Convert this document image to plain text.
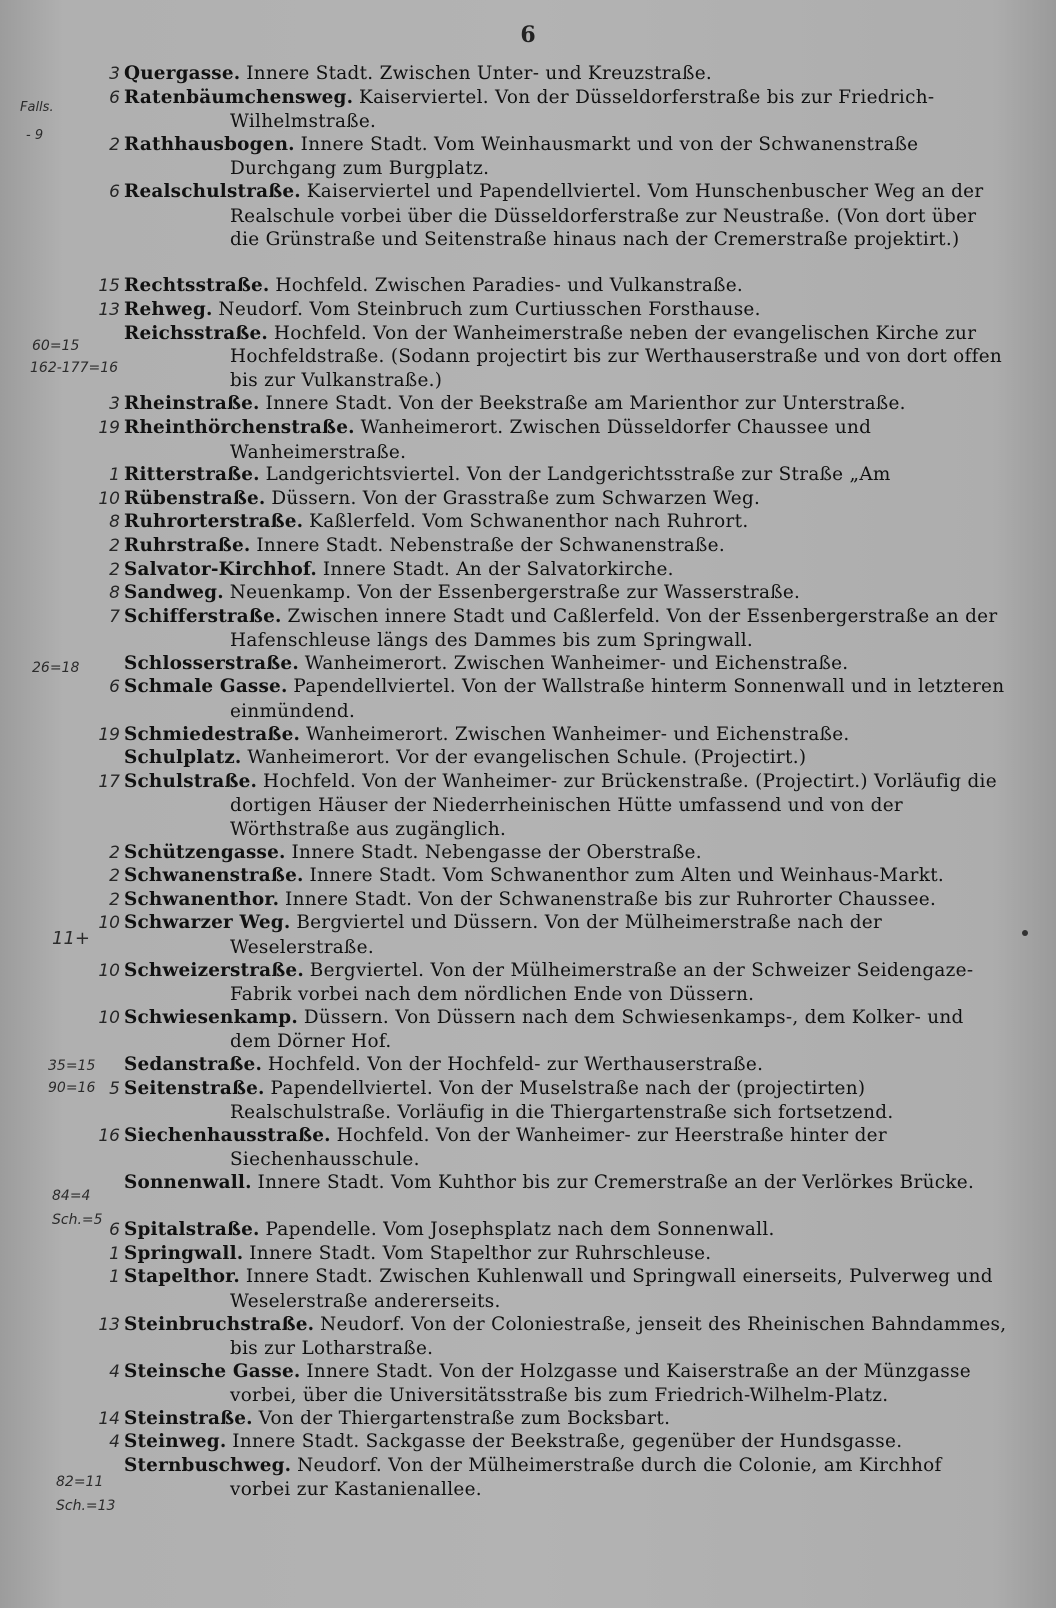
6
3 Quergasse. Innere Stadt. Zwischen Unter- und Kreuzstraße.
6 Ratenbäumchensweg. Kaiserviertel. Von der Düsseldorferstraße bis zur Friedrich-Wilhelmstraße.
2 Rathhausbogen. Innere Stadt. Vom Weinhausmarkt und von der Schwanenstraße Durchgang zum Burgplatz.
6 Realschulstraße. Kaiserviertel und Papendellviertel. Vom Hunschenbuscher Weg an der Realschule vorbei über die Düsseldorferstraße zur Neustraße. (Von dort über die Grünstraße und Seitenstraße hinaus nach der Cremerstraße projektirt.)
15 Rechtsstraße. Hochfeld. Zwischen Paradies- und Vulkanstraße.
13 Rehweg. Neudorf. Vom Steinbruch zum Curtiusschen Forsthause.
Reichsstraße. Hochfeld. Von der Wanheimerstraße neben der evangelischen Kirche zur Hochfeldstraße. (Sodann projectirt bis zur Werthauserstraße und von dort offen bis zur Vulkanstraße.)
3 Rheinstraße. Innere Stadt. Von der Beekstraße am Marienthor zur Unterstraße.
19 Rheinthörchenstraße. Wanheimerort. Zwischen Düsseldorfer Chaussee und Wanheimerstraße.
1 Ritterstraße. Landgerichtsviertel. Von der Landgerichtsstraße zur Straße „Am
10 Rübenstraße. Düssern. Von der Grasstraße zum Schwarzen Weg.
8 Ruhrorterstraße. Kaßlerfeld. Vom Schwanenthor nach Ruhrort.
2 Ruhrstraße. Innere Stadt. Nebenstraße der Schwanenstraße.
2 Salvator-Kirchhof. Innere Stadt. An der Salvatorkirche.
8 Sandweg. Neuenkamp. Von der Essenbergerstraße zur Wasserstraße.
7 Schifferstraße. Zwischen innere Stadt und Caßlerfeld. Von der Essenbergerstraße an der Hafenschleuse längs des Dammes bis zum Springwall.
Schlosserstraße. Wanheimerort. Zwischen Wanheimer- und Eichenstraße.
6 Schmale Gasse. Papendellviertel. Von der Wallstraße hinterm Sonnenwall und in letzteren einmündend.
19 Schmiedestraße. Wanheimerort. Zwischen Wanheimer- und Eichenstraße.
Schulplatz. Wanheimerort. Vor der evangelischen Schule. (Projectirt.)
17 Schulstraße. Hochfeld. Von der Wanheimer- zur Brückenstraße. (Projectirt.) Vorläufig die dortigen Häuser der Niederrheinischen Hütte umfassend und von der Wörthstraße aus zugänglich.
2 Schützengasse. Innere Stadt. Nebengasse der Oberstraße.
2 Schwanenstraße. Innere Stadt. Vom Schwanenthor zum Alten und Weinhaus-Markt.
2 Schwanenthor. Innere Stadt. Von der Schwanenstraße bis zur Ruhrorter Chaussee.
10 Schwarzer Weg. Bergviertel und Düssern. Von der Mülheimerstraße nach der Weselerstraße.
10 Schweizerstraße. Bergviertel. Von der Mülheimerstraße an der Schweizer Seidengaze-Fabrik vorbei nach dem nördlichen Ende von Düssern.
10 Schwiesenkamp. Düssern. Von Düssern nach dem Schwiesenkamps-, dem Kolker- und dem Dörner Hof.
Sedanstraße. Hochfeld. Von der Hochfeld- zur Werthauserstraße.
5 Seitenstraße. Papendellviertel. Von der Muselstraße nach der (projectirten) Realschulstraße. Vorläufig in die Thiergartenstraße sich fortsetzend.
16 Siechenhausstraße. Hochfeld. Von der Wanheimer- zur Heerstraße hinter der Siechenhausschule.
Sonnenwall. Innere Stadt. Vom Kuhthor bis zur Cremerstraße an der Verlörkes Brücke.
6 Spitalstraße. Papendelle. Vom Josephsplatz nach dem Sonnenwall.
1 Springwall. Innere Stadt. Vom Stapelthor zur Ruhrschleuse.
1 Stapelthor. Innere Stadt. Zwischen Kuhlenwall und Springwall einerseits, Pulverweg und Weselerstraße andererseits.
13 Steinbruchstraße. Neudorf. Von der Coloniestraße, jenseit des Rheinischen Bahndammes, bis zur Lotharstraße.
4 Steinsche Gasse. Innere Stadt. Von der Holzgasse und Kaiserstraße an der Münzgasse vorbei, über die Universitätsstraße bis zum Friedrich-Wilhelm-Platz.
14 Steinstraße. Von der Thiergartenstraße zum Bocksbart.
4 Steinweg. Innere Stadt. Sackgasse der Beekstraße, gegenüber der Hundsgasse.
Sternbuschweg. Neudorf. Von der Mülheimerstraße durch die Colonie, am Kirchhof vorbei zur Kastanienallee.
Falls.
- 9
60=15
162-177=16
26=18
11+
35=15
90=16
84=4
Sch.=5
82=11
Sch.=13
